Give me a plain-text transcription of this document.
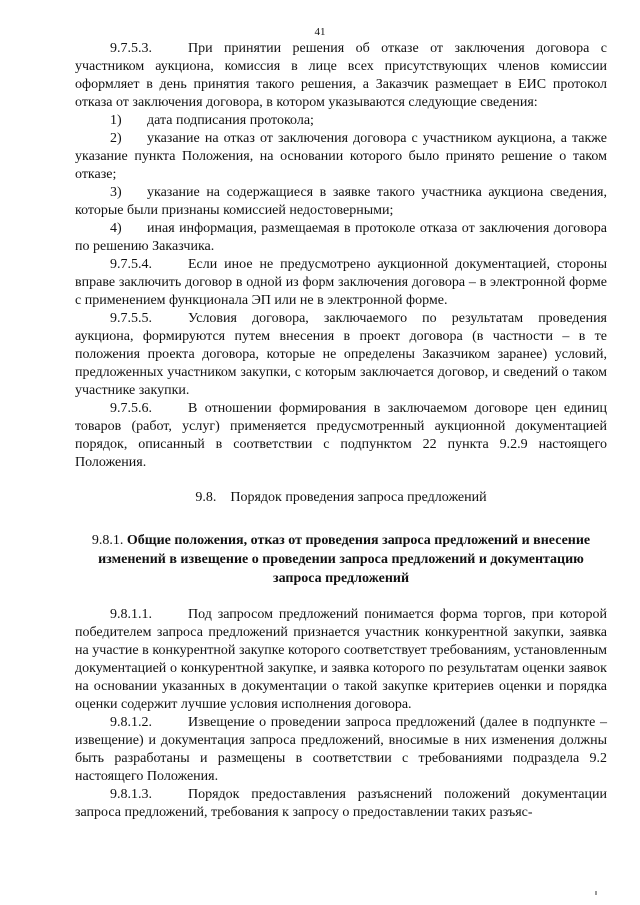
41

9.7.5.3.	При принятии решения об отказе от заключения договора с участником аукциона, комиссия в лице всех присутствующих членов комиссии оформляет в день принятия такого решения, а Заказчик размещает в ЕИС протокол отказа от заключения договора, в котором указываются следующие сведения:

1) дата подписания протокола;

2) указание на отказ от заключения договора с участником аукциона, а также указание пункта Положения, на основании которого было принято решение о таком отказе;

3) указание на содержащиеся в заявке такого участника аукциона сведения, которые были признаны комиссией недостоверными;

4) иная информация, размещаемая в протоколе отказа от заключения договора по решению Заказчика.

9.7.5.4.	Если иное не предусмотрено аукционной документацией, стороны вправе заключить договор в одной из форм заключения договора – в электронной форме с применением функционала ЭП или не в электронной форме.

9.7.5.5.	Условия договора, заключаемого по результатам проведения аукциона, формируются путем внесения в проект договора (в частности – в те положения проекта договора, которые не определены Заказчиком заранее) условий, предложенных участником закупки, с которым заключается договор, и сведений о таком участнике закупки.

9.7.5.6.	В отношении формирования в заключаемом договоре цен единиц товаров (работ, услуг) применяется предусмотренный аукционной документацией порядок, описанный в соответствии с подпунктом 22 пункта 9.2.9 настоящего Положения.

9.8. Порядок проведения запроса предложений

9.8.1. Общие положения, отказ от проведения запроса предложений и внесение изменений в извещение о проведении запроса предложений и документацию запроса предложений

9.8.1.1.	Под запросом предложений понимается форма торгов, при которой победителем запроса предложений признается участник конкурентной закупки, заявка на участие в конкурентной закупке которого соответствует требованиям, установленным документацией о конкурентной закупке, и заявка которого по результатам оценки заявок на основании указанных в документации о такой закупке критериев оценки и порядка оценки содержит лучшие условия исполнения договора.

9.8.1.2.	Извещение о проведении запроса предложений (далее в подпункте – извещение) и документация запроса предложений, вносимые в них изменения должны быть разработаны и размещены в соответствии с требованиями подраздела 9.2 настоящего Положения.

9.8.1.3.	Порядок предоставления разъяснений положений документации запроса предложений, требования к запросу о предоставлении таких разъяс-
